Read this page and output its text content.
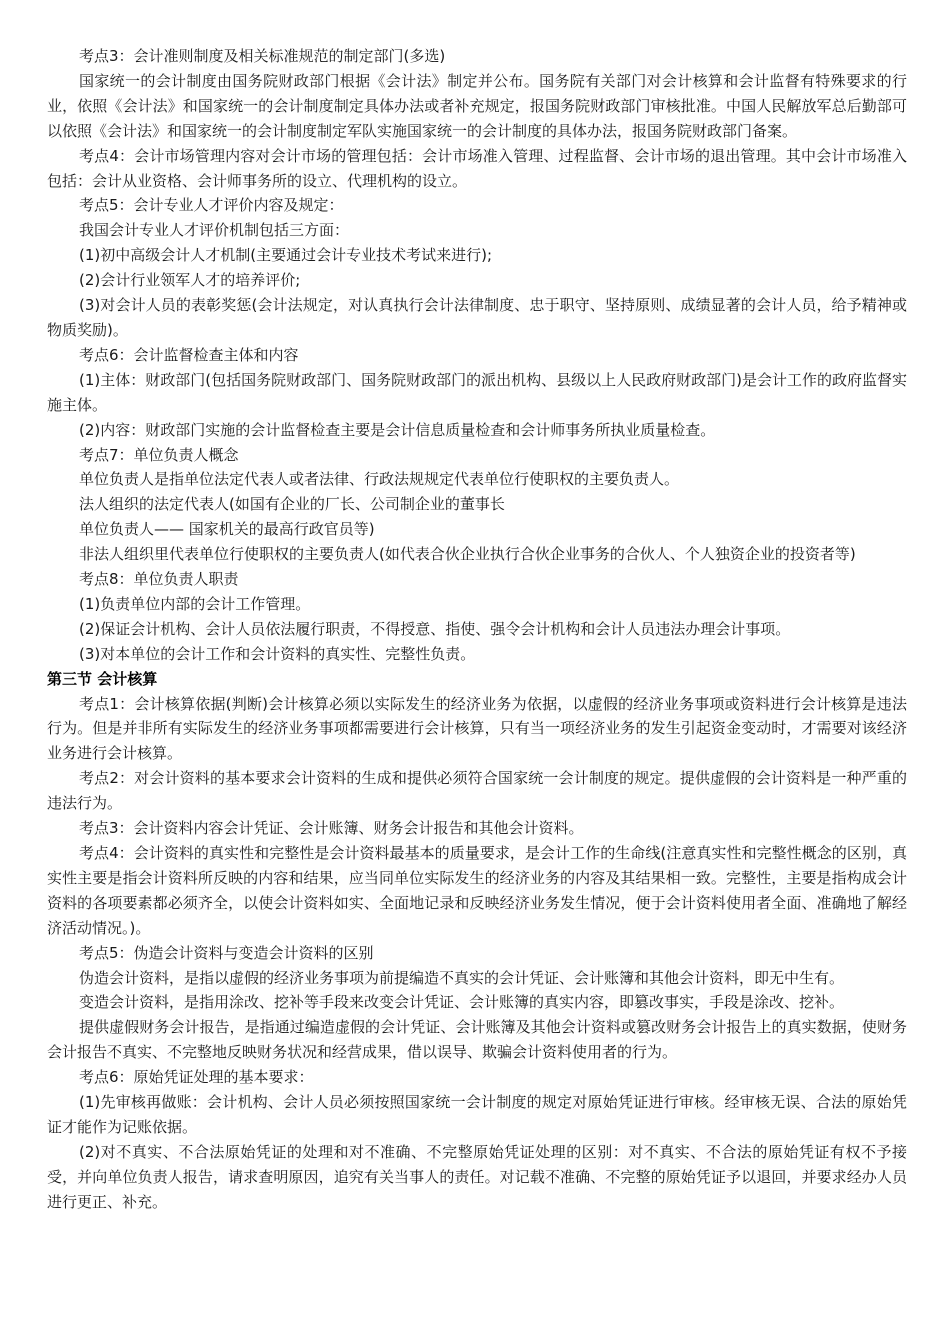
考点3：会计准则制度及相关标准规范的制定部门(多选)

国家统一的会计制度由国务院财政部门根据《会计法》制定并公布。国务院有关部门对会计核算和会计监督有特殊要求的行业，依照《会计法》和国家统一的会计制度制定具体办法或者补充规定，报国务院财政部门审核批准。中国人民解放军总后勤部可以依照《会计法》和国家统一的会计制度制定军队实施国家统一的会计制度的具体办法，报国务院财政部门备案。

考点4：会计市场管理内容对会计市场的管理包括：会计市场准入管理、过程监督、会计市场的退出管理。其中会计市场准入包括：会计从业资格、会计师事务所的设立、代理机构的设立。

考点5：会计专业人才评价内容及规定：

我国会计专业人才评价机制包括三方面：

(1)初中高级会计人才机制(主要通过会计专业技术考试来进行);

(2)会计行业领军人才的培养评价;

(3)对会计人员的表彰奖惩(会计法规定，对认真执行会计法律制度、忠于职守、坚持原则、成绩显著的会计人员，给予精神或物质奖励)。

考点6：会计监督检查主体和内容

(1)主体：财政部门(包括国务院财政部门、国务院财政部门的派出机构、县级以上人民政府财政部门)是会计工作的政府监督实施主体。

(2)内容：财政部门实施的会计监督检查主要是会计信息质量检查和会计师事务所执业质量检查。

考点7：单位负责人概念

单位负责人是指单位法定代表人或者法律、行政法规规定代表单位行使职权的主要负责人。

法人组织的法定代表人(如国有企业的厂长、公司制企业的董事长

单位负责人—— 国家机关的最高行政官员等)

非法人组织里代表单位行使职权的主要负责人(如代表合伙企业执行合伙企业事务的合伙人、个人独资企业的投资者等)

考点8：单位负责人职责

(1)负责单位内部的会计工作管理。

(2)保证会计机构、会计人员依法履行职责，不得授意、指使、强令会计机构和会计人员违法办理会计事项。

(3)对本单位的会计工作和会计资料的真实性、完整性负责。

第三节 会计核算

考点1：会计核算依据(判断)会计核算必须以实际发生的经济业务为依据，以虚假的经济业务事项或资料进行会计核算是违法行为。但是并非所有实际发生的经济业务事项都需要进行会计核算，只有当一项经济业务的发生引起资金变动时，才需要对该经济业务进行会计核算。

考点2：对会计资料的基本要求会计资料的生成和提供必须符合国家统一会计制度的规定。提供虚假的会计资料是一种严重的违法行为。

考点3：会计资料内容会计凭证、会计账簿、财务会计报告和其他会计资料。

考点4：会计资料的真实性和完整性是会计资料最基本的质量要求，是会计工作的生命线(注意真实性和完整性概念的区别，真实性主要是指会计资料所反映的内容和结果，应当同单位实际发生的经济业务的内容及其结果相一致。完整性，主要是指构成会计资料的各项要素都必须齐全，以使会计资料如实、全面地记录和反映经济业务发生情况，便于会计资料使用者全面、准确地了解经济活动情况。)。

考点5：伪造会计资料与变造会计资料的区别

伪造会计资料，是指以虚假的经济业务事项为前提编造不真实的会计凭证、会计账簿和其他会计资料，即无中生有。

变造会计资料，是指用涂改、挖补等手段来改变会计凭证、会计账簿的真实内容，即篡改事实，手段是涂改、挖补。

提供虚假财务会计报告，是指通过编造虚假的会计凭证、会计账簿及其他会计资料或篡改财务会计报告上的真实数据，使财务会计报告不真实、不完整地反映财务状况和经营成果，借以误导、欺骗会计资料使用者的行为。

考点6：原始凭证处理的基本要求：

(1)先审核再做账：会计机构、会计人员必须按照国家统一会计制度的规定对原始凭证进行审核。经审核无误、合法的原始凭证才能作为记账依据。

(2)对不真实、不合法原始凭证的处理和对不准确、不完整原始凭证处理的区别：对不真实、不合法的原始凭证有权不予接受，并向单位负责人报告，请求查明原因，追究有关当事人的责任。对记载不准确、不完整的原始凭证予以退回，并要求经办人员进行更正、补充。
